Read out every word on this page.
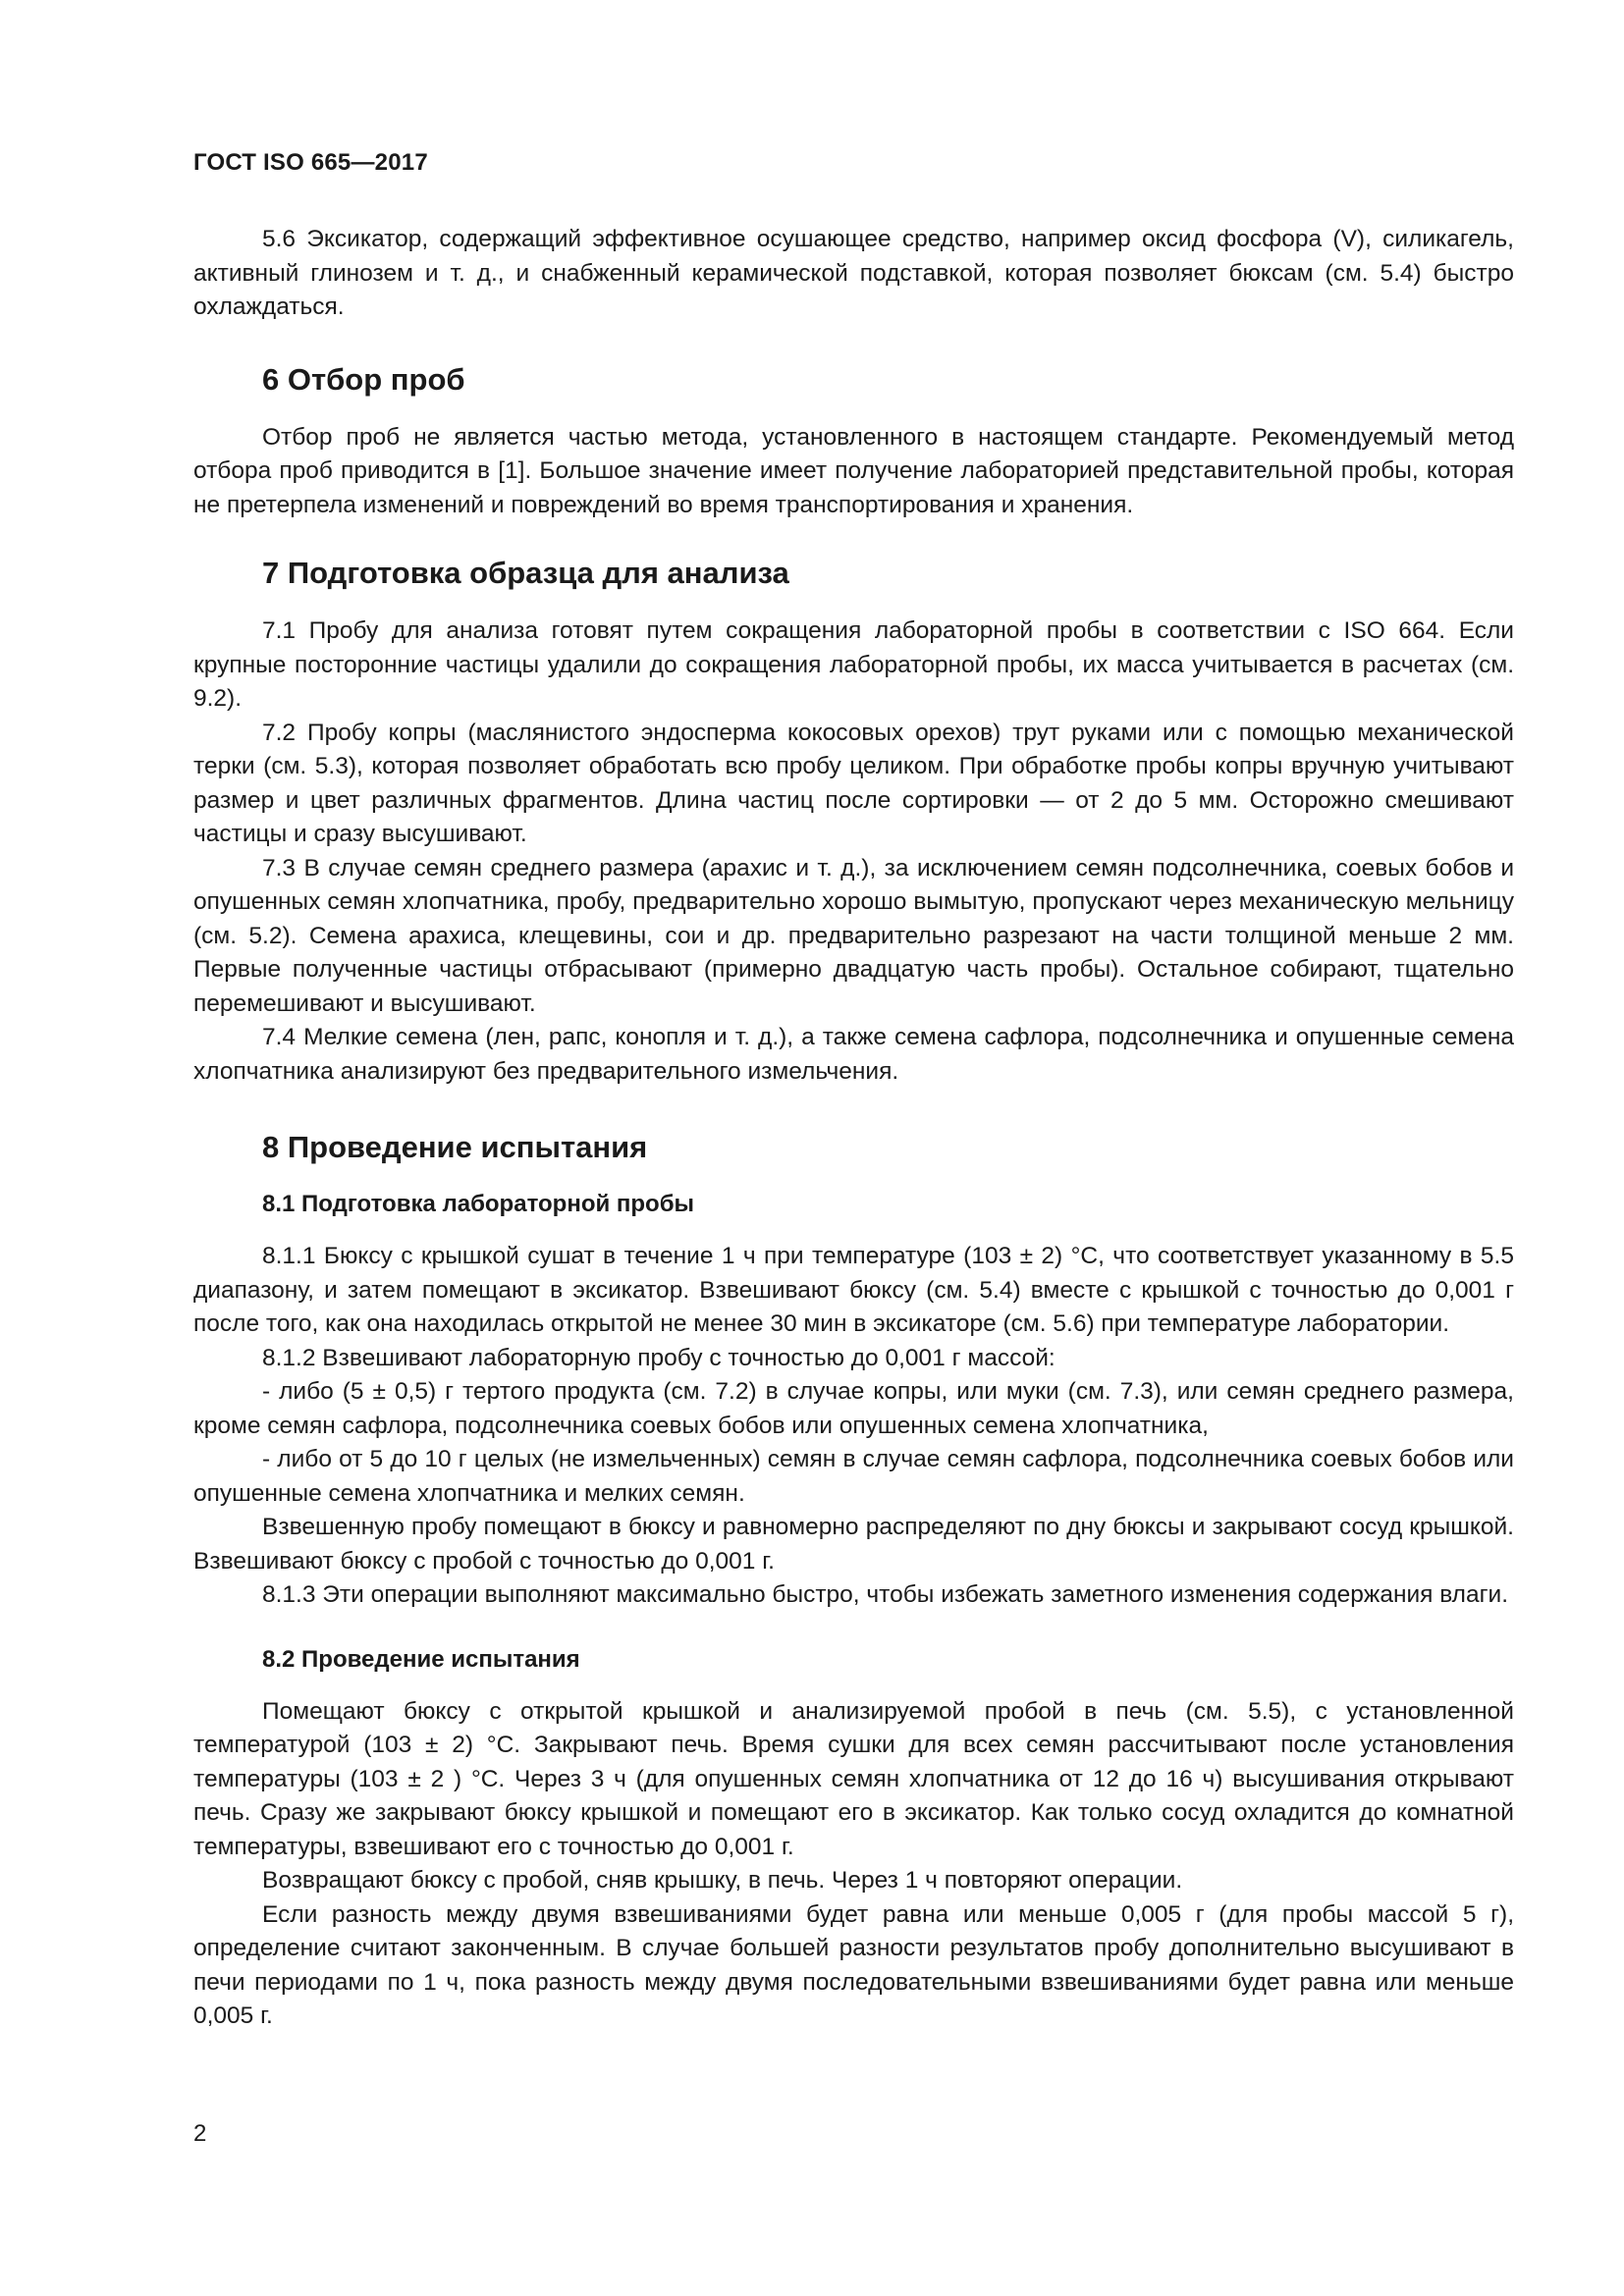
ГОСТ ISO 665—2017

5.6 Эксикатор, содержащий эффективное осушающее средство, например оксид фосфора (V), силикагель, активный глинозем и т. д., и снабженный керамической подставкой, которая позволяет бюксам (см. 5.4) быстро охлаждаться.

6 Отбор проб

Отбор проб не является частью метода, установленного в настоящем стандарте. Рекомендуемый метод отбора проб приводится в [1]. Большое значение имеет получение лабораторией представительной пробы, которая не претерпела изменений и повреждений во время транспортирования и хранения.

7 Подготовка образца для анализа

7.1 Пробу для анализа готовят путем сокращения лабораторной пробы в соответствии с ISO 664. Если крупные посторонние частицы удалили до сокращения лабораторной пробы, их масса учитывается в расчетах (см. 9.2).

7.2 Пробу копры (маслянистого эндосперма кокосовых орехов) трут руками или с помощью механической терки (см. 5.3), которая позволяет обработать всю пробу целиком. При обработке пробы копры вручную учитывают размер и цвет различных фрагментов. Длина частиц после сортировки — от 2 до 5 мм. Осторожно смешивают частицы и сразу высушивают.

7.3 В случае семян среднего размера (арахис и т. д.), за исключением семян подсолнечника, соевых бобов и опушенных семян хлопчатника, пробу, предварительно хорошо вымытую, пропускают через механическую мельницу (см. 5.2). Семена арахиса, клещевины, сои и др. предварительно разрезают на части толщиной меньше 2 мм. Первые полученные частицы отбрасывают (примерно двадцатую часть пробы). Остальное собирают, тщательно перемешивают и высушивают.

7.4 Мелкие семена (лен, рапс, конопля и т. д.), а также семена сафлора, подсолнечника и опушенные семена хлопчатника анализируют без предварительного измельчения.

8 Проведение испытания
8.1 Подготовка лабораторной пробы

8.1.1 Бюксу с крышкой сушат в течение 1 ч при температуре (103 ± 2) °С, что соответствует указанному в 5.5 диапазону, и затем помещают в эксикатор. Взвешивают бюксу (см. 5.4) вместе с крышкой с точностью до 0,001 г после того, как она находилась открытой не менее 30 мин в эксикаторе (см. 5.6) при температуре лаборатории.

8.1.2 Взвешивают лабораторную пробу с точностью до 0,001 г массой:

- либо (5 ± 0,5) г тертого продукта (см. 7.2) в случае копры, или муки (см. 7.3), или семян среднего размера, кроме семян сафлора, подсолнечника соевых бобов или опушенных семена хлопчатника,

- либо от 5 до 10 г целых (не измельченных) семян в случае семян сафлора, подсолнечника соевых бобов или опушенные семена хлопчатника и мелких семян.

Взвешенную пробу помещают в бюксу и равномерно распределяют по дну бюксы и закрывают сосуд крышкой. Взвешивают бюксу с пробой с точностью до 0,001 г.

8.1.3 Эти операции выполняют максимально быстро, чтобы избежать заметного изменения содержания влаги.

8.2 Проведение испытания

Помещают бюксу с открытой крышкой и анализируемой пробой в печь (см. 5.5), с установленной температурой (103 ± 2) °С. Закрывают печь. Время сушки для всех семян рассчитывают после установления температуры (103 ± 2 ) °С. Через 3 ч (для опушенных семян хлопчатника от 12 до 16 ч) высушивания открывают печь. Сразу же закрывают бюксу крышкой и помещают его в эксикатор. Как только сосуд охладится до комнатной температуры, взвешивают его с точностью до 0,001 г.

Возвращают бюксу с пробой, сняв крышку, в печь. Через 1 ч повторяют операции.

Если разность между двумя взвешиваниями будет равна или меньше 0,005 г (для пробы массой 5 г), определение считают законченным. В случае большей разности результатов пробу дополнительно высушивают в печи периодами по 1 ч, пока разность между двумя последовательными взвешиваниями будет равна или меньше 0,005 г.

2
